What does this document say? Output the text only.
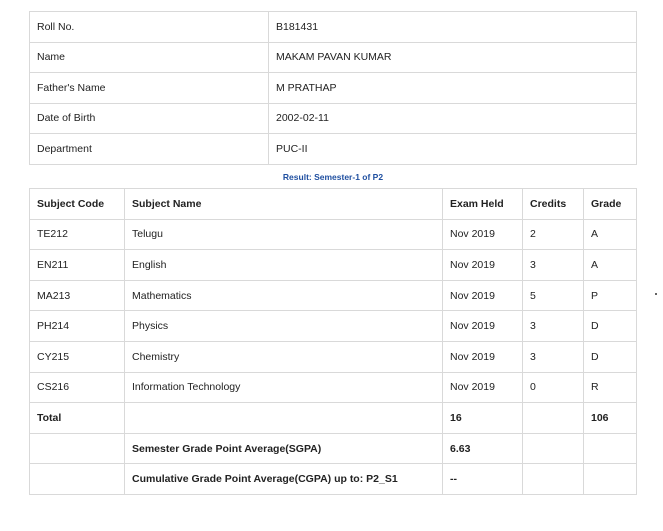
Roll No.	B181431
Name	MAKAM PAVAN KUMAR
Father's Name	M PRATHAP
Date of Birth	2002-02-11
Department	PUC-II
Result: Semester-1 of P2
Subject Code	Subject Name	Exam Held	Credits	Grade
TE212	Telugu	Nov 2019	2	A
EN211	English	Nov 2019	3	A
MA213	Mathematics	Nov 2019	5	P
PH214	Physics	Nov 2019	3	D
CY215	Chemistry	Nov 2019	3	D
CS216	Information Technology	Nov 2019	0	R
Total		16		106
	Semester Grade Point Average(SGPA)	6.63		
	Cumulative Grade Point Average(CGPA) up to: P2_S1	--		
